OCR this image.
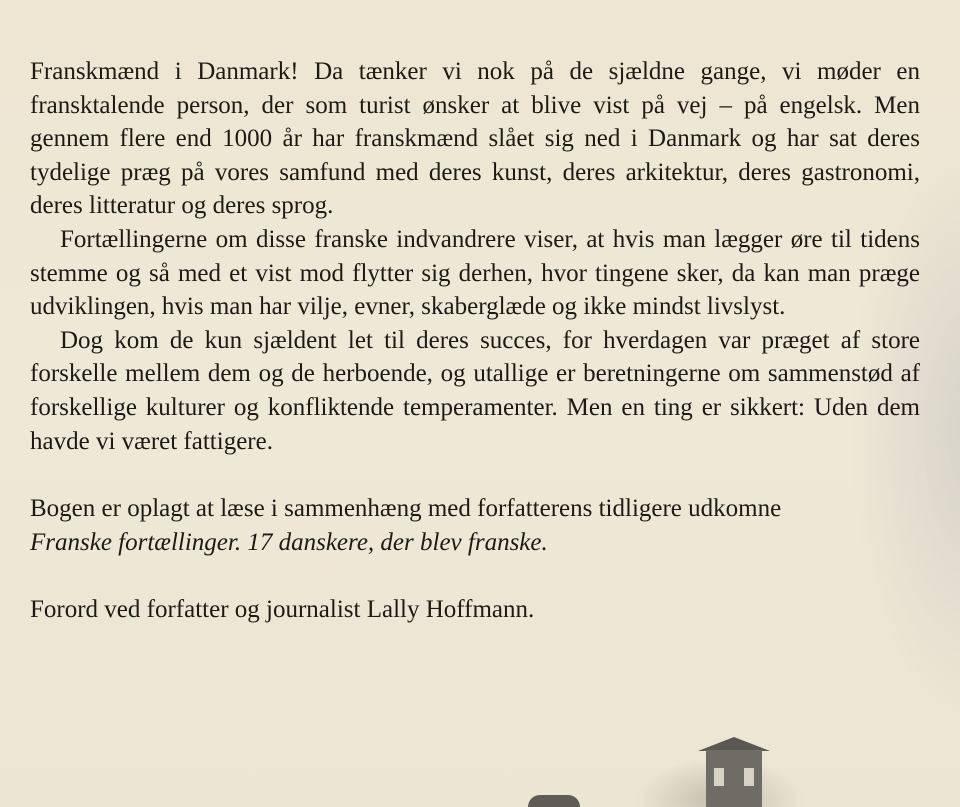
Franskmænd i Danmark! Da tænker vi nok på de sjældne gange, vi møder en fransktalende person, der som turist ønsker at blive vist på vej – på engelsk. Men gennem flere end 1000 år har franskmænd slået sig ned i Danmark og har sat deres tydelige præg på vores samfund med deres kunst, deres arkitektur, deres gastronomi, deres litteratur og deres sprog.

Fortællingerne om disse franske indvandrere viser, at hvis man lægger øre til tidens stemme og så med et vist mod flytter sig derhen, hvor tingene sker, da kan man præge udviklingen, hvis man har vilje, evner, skaberglæde og ikke mindst livslyst.

Dog kom de kun sjældent let til deres succes, for hverdagen var præget af store forskelle mellem dem og de herboende, og utallige er beretningerne om sammenstød af forskellige kulturer og konfliktende temperamenter. Men en ting er sikkert: Uden dem havde vi været fattigere.

Bogen er oplagt at læse i sammenhæng med forfatterens tidligere udkomne
Franske fortællinger. 17 danskere, der blev franske.

Forord ved forfatter og journalist Lally Hoffmann.
